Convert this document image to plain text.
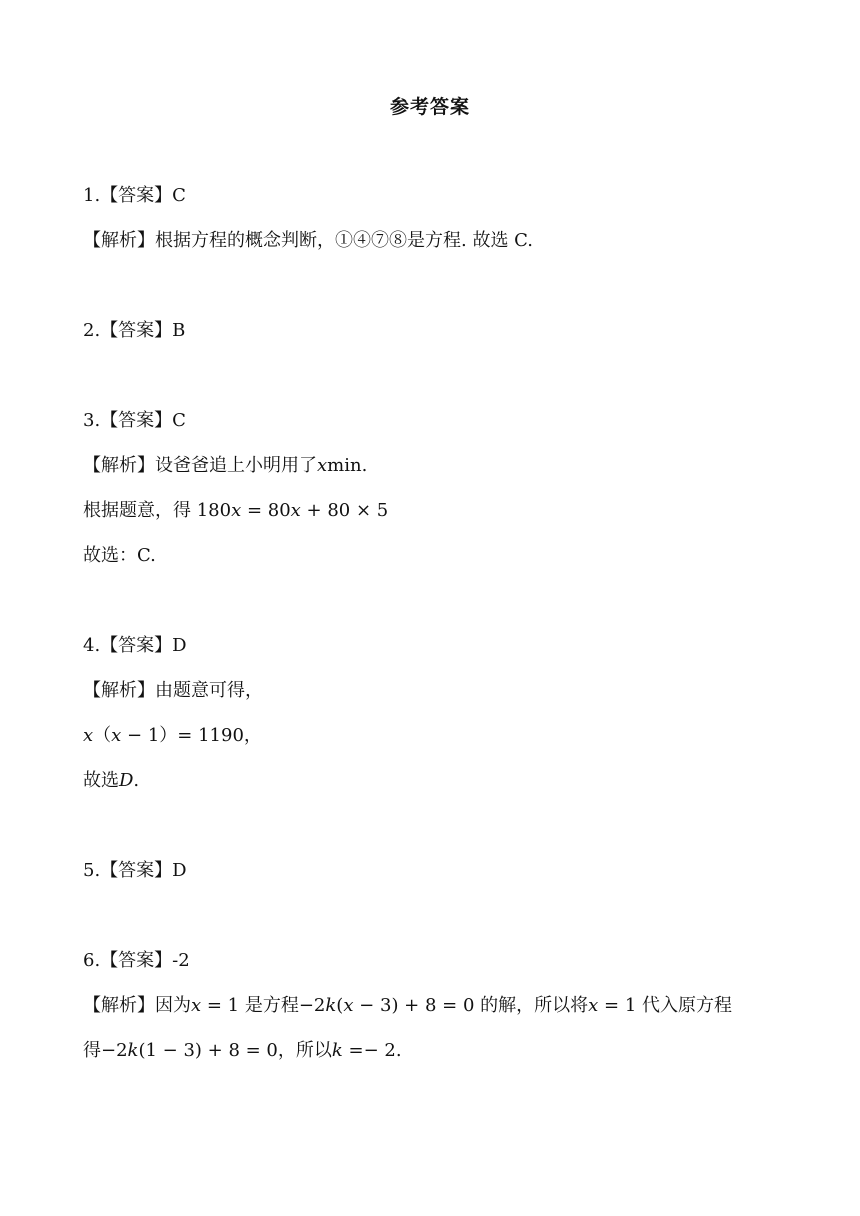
参考答案
1.【答案】C
【解析】根据方程的概念判断，①④⑦⑧是方程. 故选 C.
2.【答案】B
3.【答案】C
【解析】设爸爸追上小明用了𝑥min.
根据题意，得 180𝑥 = 80𝑥 + 80 × 5
故选：C.
4.【答案】D
【解析】由题意可得，
𝑥（𝑥 − 1）= 1190，
故选𝐷.
5.【答案】D
6.【答案】-2
【解析】因为𝑥 = 1 是方程−2𝑘(𝑥 − 3) + 8 = 0 的解，所以将𝑥 = 1 代入原方程
得−2𝑘(1 − 3) + 8 = 0，所以𝑘 =− 2.
